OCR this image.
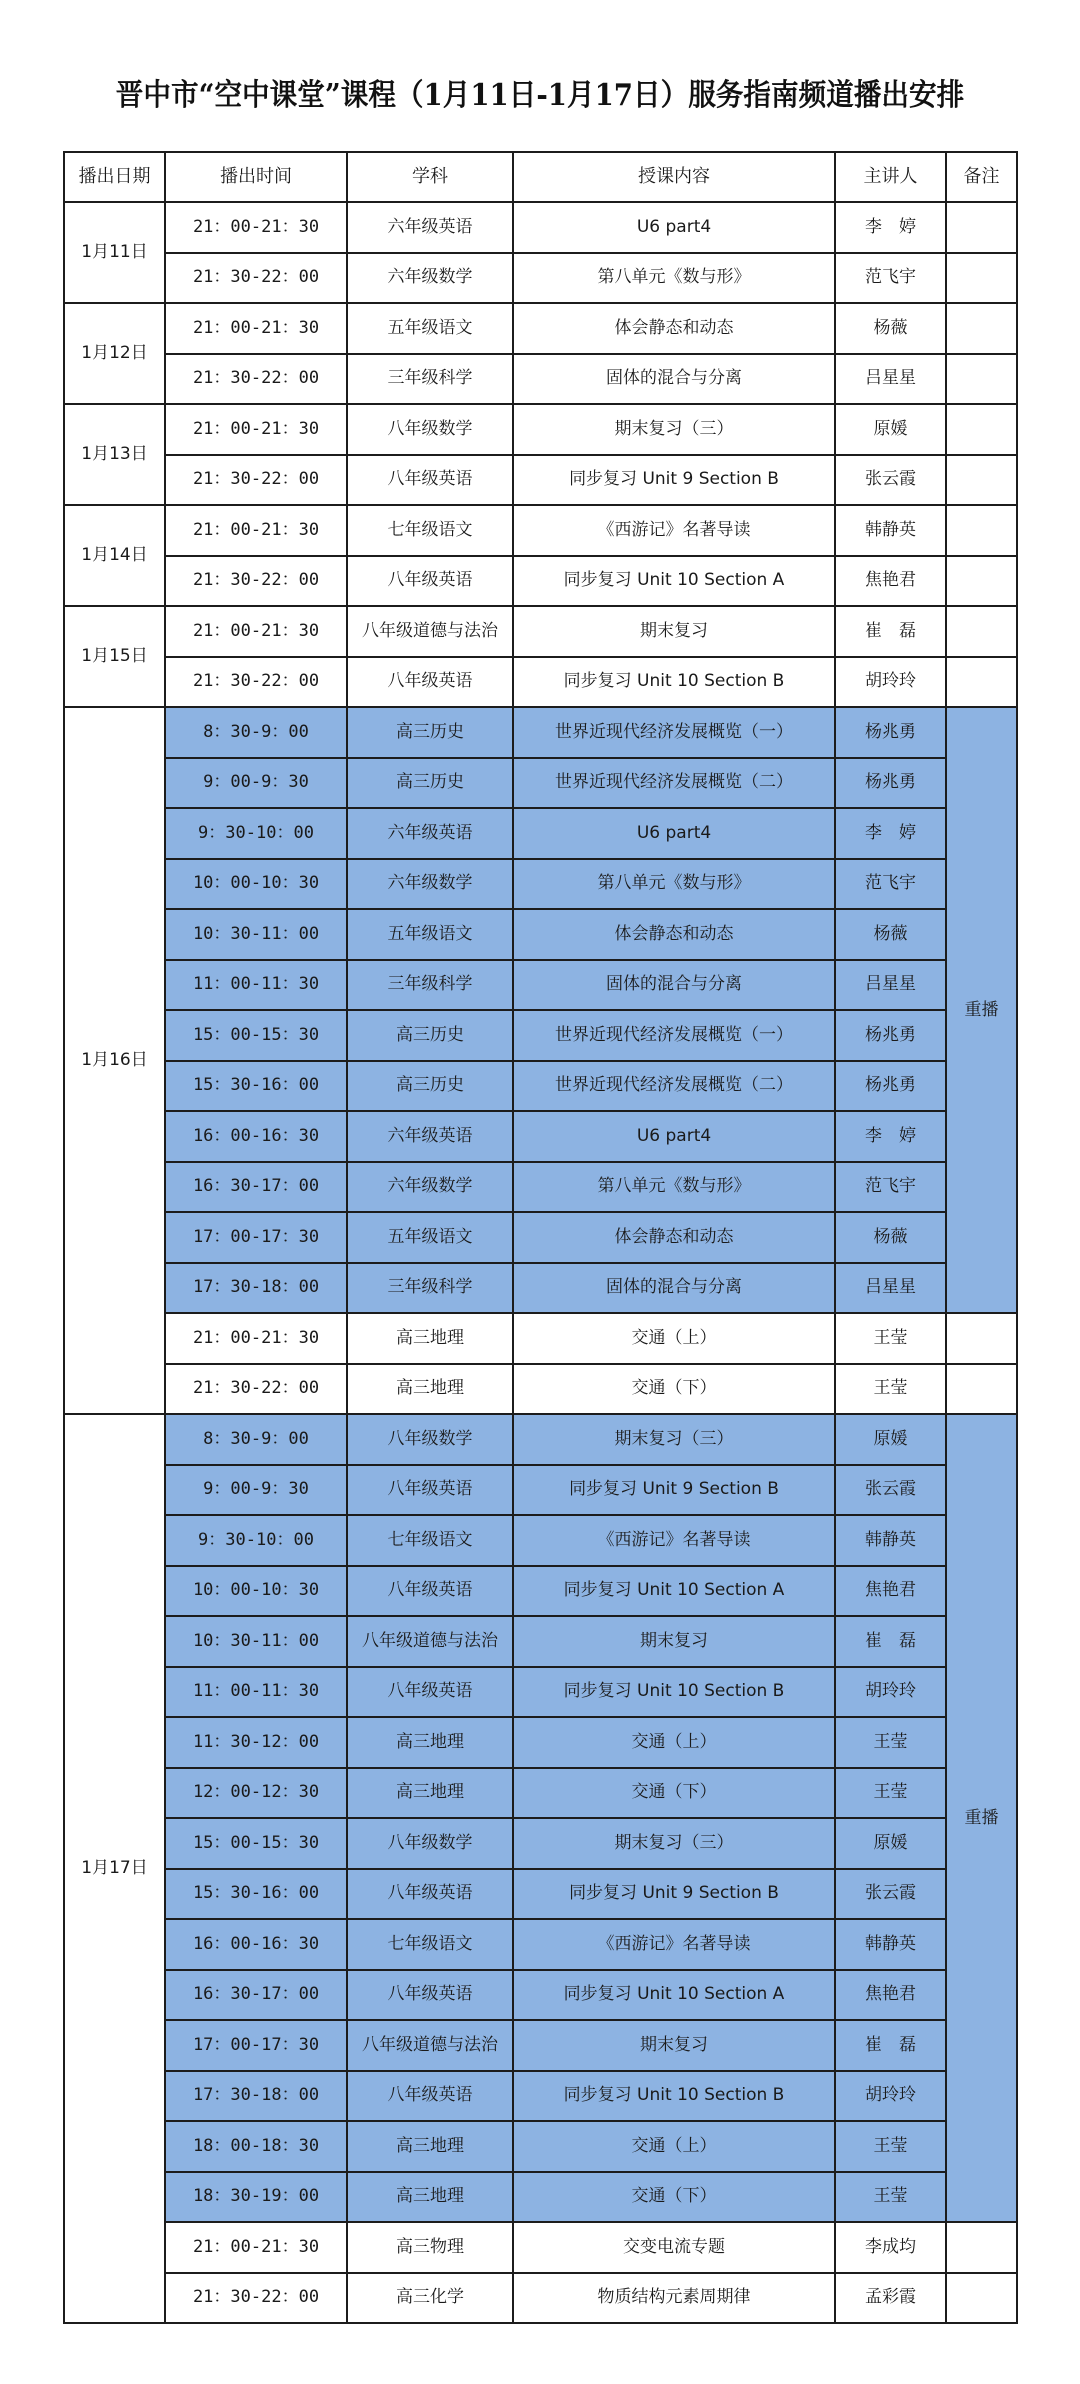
晋中市“空中课堂”课程（1月11日-1月17日）服务指南频道播出安排
播出日期	播出时间	学科	授课内容	主讲人	备注
1月11日	21：00-21：30	六年级英语	U6 part4	李　婷	
	21：30-22：00	六年级数学	第八单元《数与形》	范飞宇	
1月12日	21：00-21：30	五年级语文	体会静态和动态	杨薇	
	21：30-22：00	三年级科学	固体的混合与分离	吕星星	
1月13日	21：00-21：30	八年级数学	期末复习（三）	原媛	
	21：30-22：00	八年级英语	同步复习 Unit 9 Section B	张云霞	
1月14日	21：00-21：30	七年级语文	《西游记》名著导读	韩静英	
	21：30-22：00	八年级英语	同步复习 Unit 10 Section A	焦艳君	
1月15日	21：00-21：30	八年级道德与法治	期末复习	崔　磊	
	21：30-22：00	八年级英语	同步复习 Unit 10 Section B	胡玲玲	
1月16日	8：30-9：00	高三历史	世界近现代经济发展概览（一）	杨兆勇	重播
	9：00-9：30	高三历史	世界近现代经济发展概览（二）	杨兆勇	
	9：30-10：00	六年级英语	U6 part4	李　婷	
	10：00-10：30	六年级数学	第八单元《数与形》	范飞宇	
	10：30-11：00	五年级语文	体会静态和动态	杨薇	
	11：00-11：30	三年级科学	固体的混合与分离	吕星星	
	15：00-15：30	高三历史	世界近现代经济发展概览（一）	杨兆勇	
	15：30-16：00	高三历史	世界近现代经济发展概览（二）	杨兆勇	
	16：00-16：30	六年级英语	U6 part4	李　婷	
	16：30-17：00	六年级数学	第八单元《数与形》	范飞宇	
	17：00-17：30	五年级语文	体会静态和动态	杨薇	
	17：30-18：00	三年级科学	固体的混合与分离	吕星星	
	21：00-21：30	高三地理	交通（上）	王莹	
	21：30-22：00	高三地理	交通（下）	王莹	
1月17日	8：30-9：00	八年级数学	期末复习（三）	原媛	重播
	9：00-9：30	八年级英语	同步复习 Unit 9 Section B	张云霞	
	9：30-10：00	七年级语文	《西游记》名著导读	韩静英	
	10：00-10：30	八年级英语	同步复习 Unit 10 Section A	焦艳君	
	10：30-11：00	八年级道德与法治	期末复习	崔　磊	
	11：00-11：30	八年级英语	同步复习 Unit 10 Section B	胡玲玲	
	11：30-12：00	高三地理	交通（上）	王莹	
	12：00-12：30	高三地理	交通（下）	王莹	
	15：00-15：30	八年级数学	期末复习（三）	原媛	
	15：30-16：00	八年级英语	同步复习 Unit 9 Section B	张云霞	
	16：00-16：30	七年级语文	《西游记》名著导读	韩静英	
	16：30-17：00	八年级英语	同步复习 Unit 10 Section A	焦艳君	
	17：00-17：30	八年级道德与法治	期末复习	崔　磊	
	17：30-18：00	八年级英语	同步复习 Unit 10 Section B	胡玲玲	
	18：00-18：30	高三地理	交通（上）	王莹	
	18：30-19：00	高三地理	交通（下）	王莹	
	21：00-21：30	高三物理	交变电流专题	李成均	
	21：30-22：00	高三化学	物质结构元素周期律	孟彩霞	
